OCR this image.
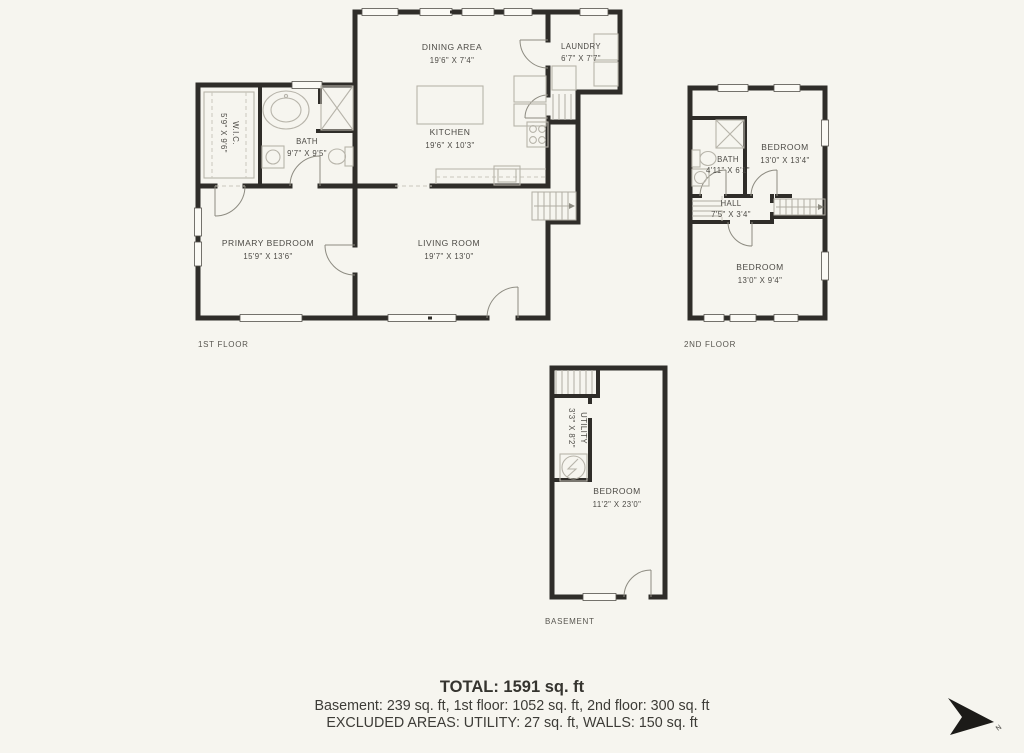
DINING AREA
19'6" X 7'4"
LAUNDRY
6'7" X 7'7"
KITCHEN
19'6" X 10'3"
BATH
9'7" X 9'5"
W.I.C.
5'9" X 9'6"
PRIMARY BEDROOM
15'9" X 13'6"
LIVING ROOM
19'7" X 13'0"
1ST FLOOR
BEDROOM
13'0" X 13'4"
BATH
4'11" X 6'1"
HALL
7'5" X 3'4"
BEDROOM
13'0" X 9'4"
2ND FLOOR
UTILITY
3'3" X 8'2"
BEDROOM
11'2" X 23'0"
BASEMENT
TOTAL: 1591 sq. ft
Basement: 239 sq. ft, 1st floor: 1052 sq. ft, 2nd floor: 300 sq. ft
EXCLUDED AREAS: UTILITY: 27 sq. ft, WALLS: 150 sq. ft	N
